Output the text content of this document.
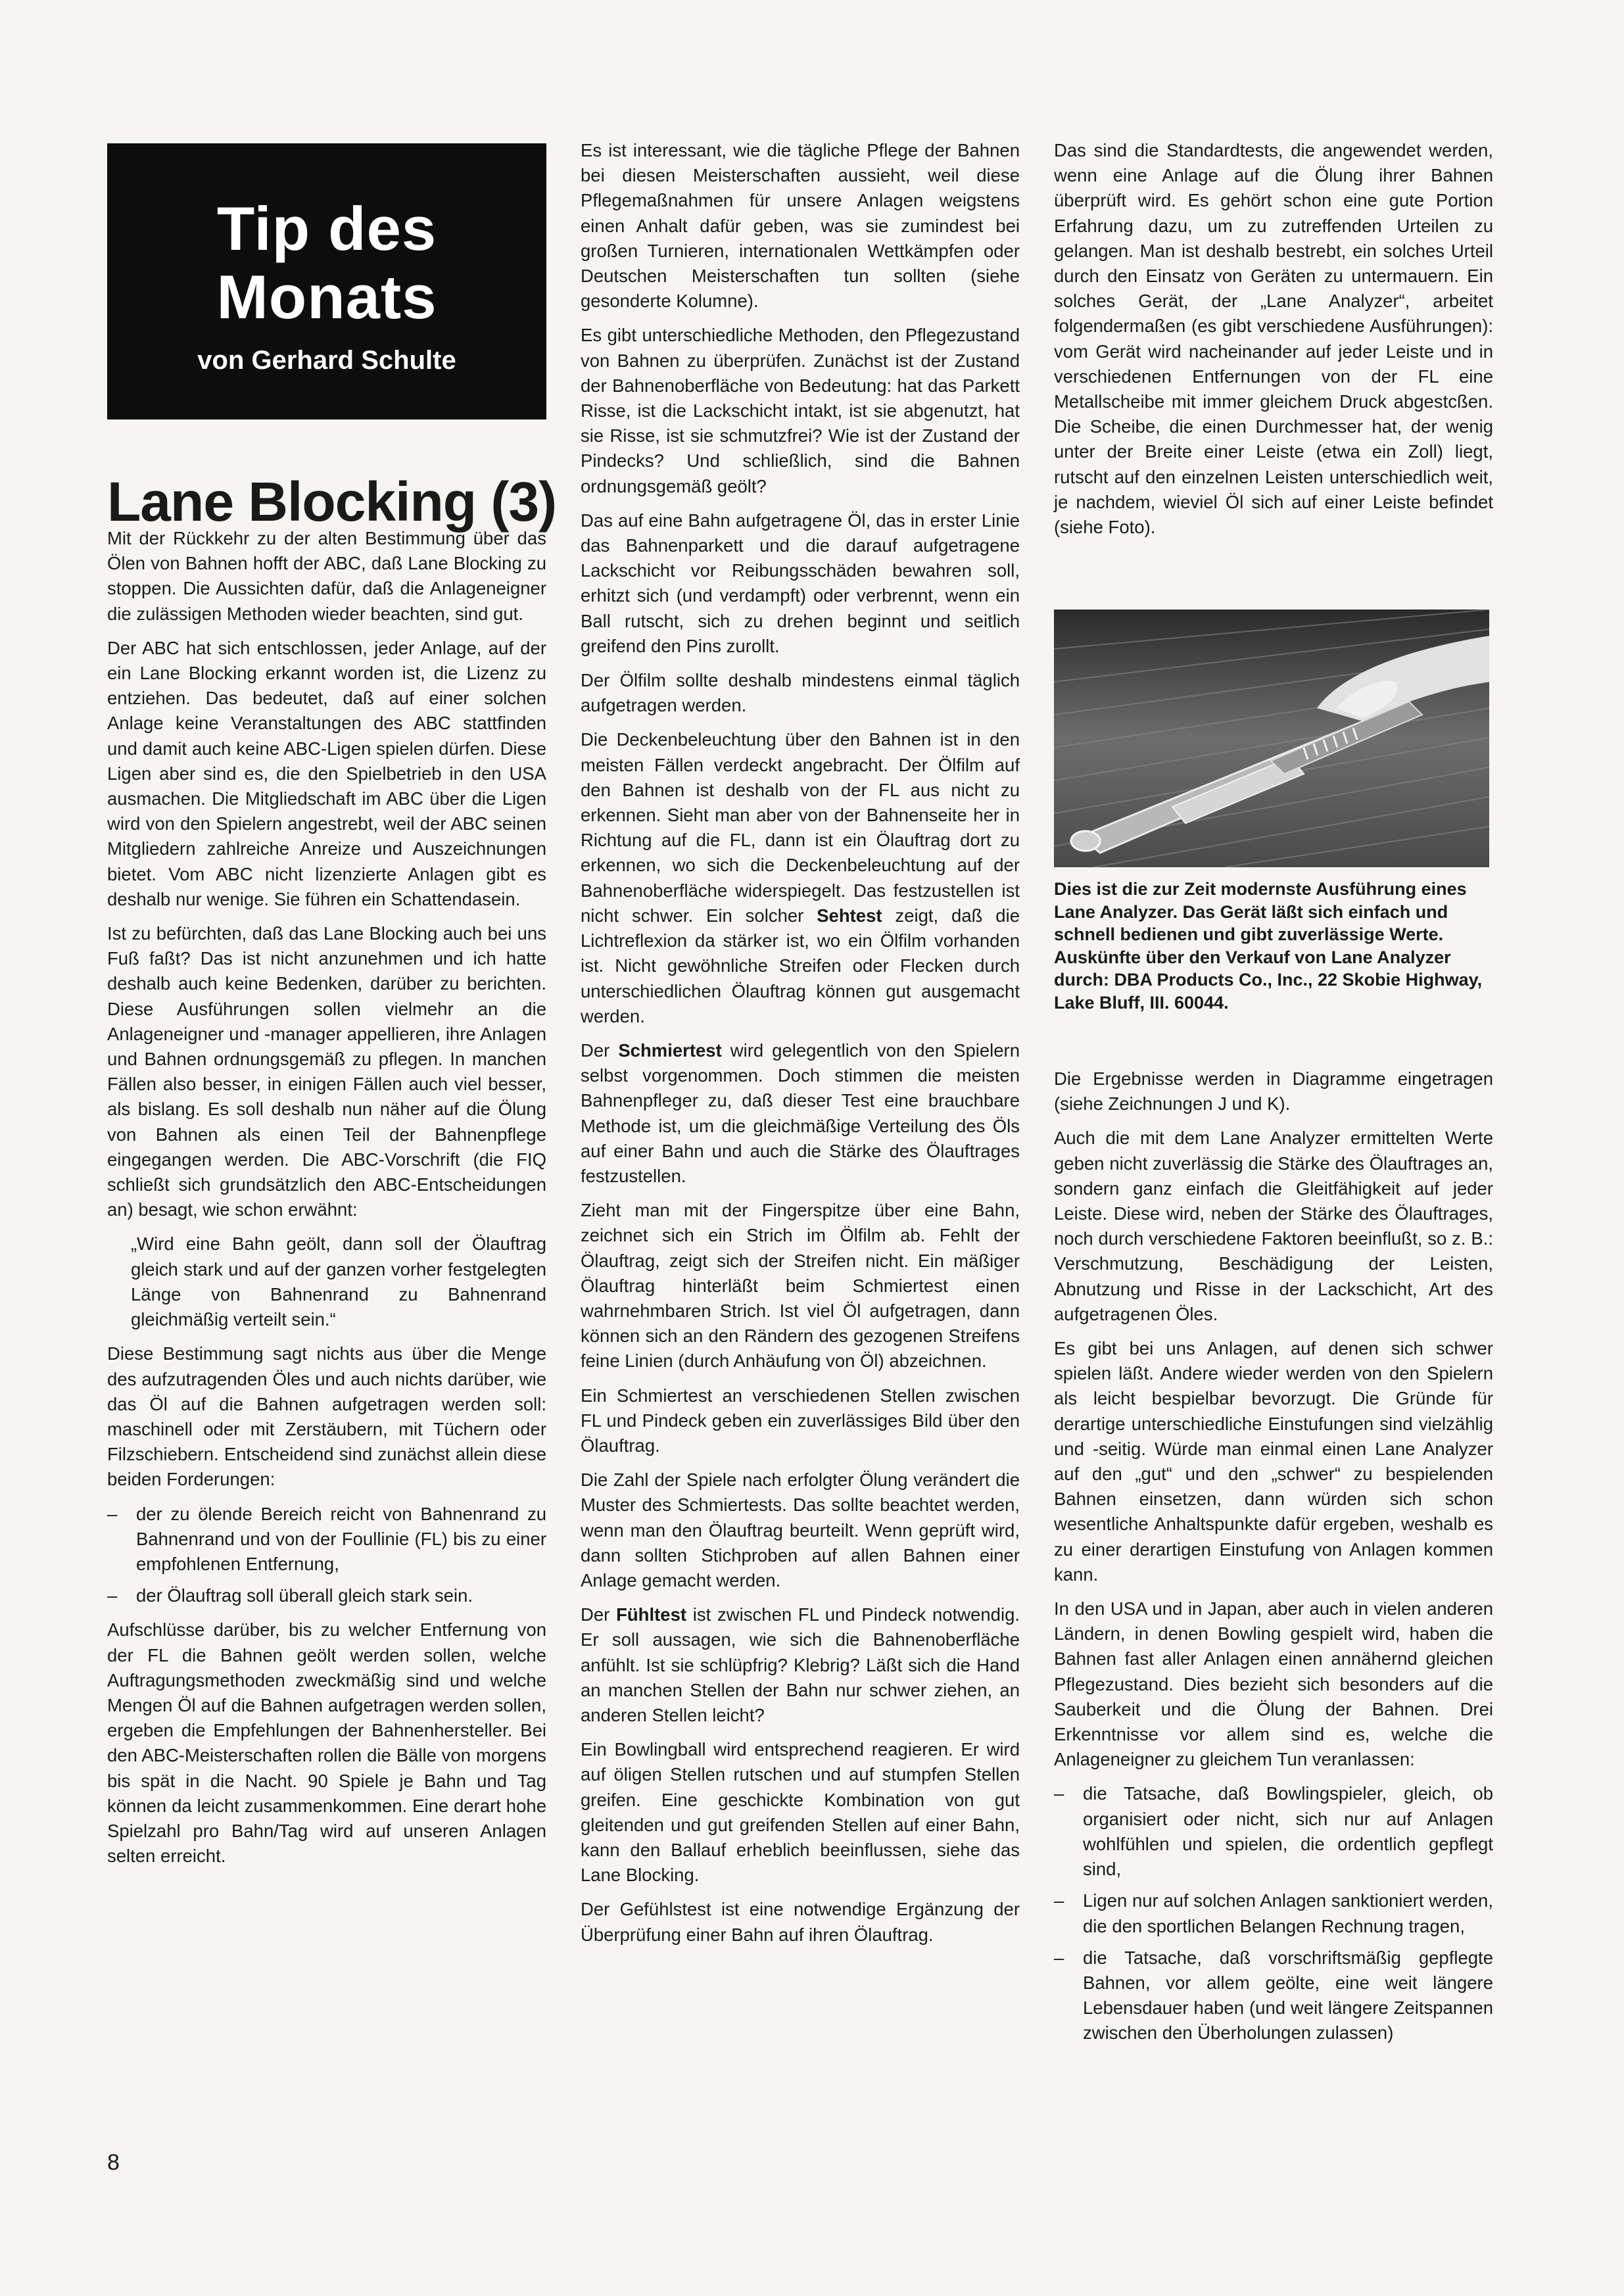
Tip des
Monats
von Gerhard Schulte
Lane Blocking (3)

Mit der Rückkehr zu der alten Bestimmung über das Ölen von Bahnen hofft der ABC, daß Lane Blocking zu stoppen. Die Aussichten dafür, daß die Anlageneigner die zulässigen Methoden wieder beachten, sind gut.

Der ABC hat sich entschlossen, jeder Anlage, auf der ein Lane Blocking erkannt worden ist, die Lizenz zu entziehen. Das bedeutet, daß auf einer solchen Anlage keine Veranstaltungen des ABC stattfinden und damit auch keine ABC-Ligen spielen dürfen. Diese Ligen aber sind es, die den Spielbetrieb in den USA ausmachen. Die Mitgliedschaft im ABC über die Ligen wird von den Spielern angestrebt, weil der ABC seinen Mitgliedern zahlreiche Anreize und Auszeichnungen bietet. Vom ABC nicht lizenzierte Anlagen gibt es deshalb nur wenige. Sie führen ein Schattendasein.

Ist zu befürchten, daß das Lane Blocking auch bei uns Fuß faßt? Das ist nicht anzunehmen und ich hatte deshalb auch keine Bedenken, darüber zu berichten. Diese Ausführungen sollen vielmehr an die Anlageneigner und -manager appellieren, ihre Anlagen und Bahnen ordnungsgemäß zu pflegen. In manchen Fällen also besser, in einigen Fällen auch viel besser, als bislang. Es soll deshalb nun näher auf die Ölung von Bahnen als einen Teil der Bahnenpflege eingegangen werden. Die ABC-Vorschrift (die FIQ schließt sich grundsätzlich den ABC-Entscheidungen an) besagt, wie schon erwähnt:

„Wird eine Bahn geölt, dann soll der Ölauftrag gleich stark und auf der ganzen vorher festgelegten Länge von Bahnenrand zu Bahnenrand gleichmäßig verteilt sein.“

Diese Bestimmung sagt nichts aus über die Menge des aufzutragenden Öles und auch nichts darüber, wie das Öl auf die Bahnen aufgetragen werden soll: maschinell oder mit Zerstäubern, mit Tüchern oder Filzschiebern. Entscheidend sind zunächst allein diese beiden Forderungen:

– der zu ölende Bereich reicht von Bahnenrand zu Bahnenrand und von der Foullinie (FL) bis zu einer empfohlenen Entfernung,
– der Ölauftrag soll überall gleich stark sein.

Aufschlüsse darüber, bis zu welcher Entfernung von der FL die Bahnen geölt werden sollen, welche Auftragungsmethoden zweckmäßig sind und welche Mengen Öl auf die Bahnen aufgetragen werden sollen, ergeben die Empfehlungen der Bahnenhersteller. Bei den ABC-Meisterschaften rollen die Bälle von morgens bis spät in die Nacht. 90 Spiele je Bahn und Tag können da leicht zusammenkommen. Eine derart hohe Spielzahl pro Bahn/Tag wird auf unseren Anlagen selten erreicht.

Es ist interessant, wie die tägliche Pflege der Bahnen bei diesen Meisterschaften aussieht, weil diese Pflegemaßnahmen für unsere Anlagen weigstens einen Anhalt dafür geben, was sie zumindest bei großen Turnieren, internationalen Wettkämpfen oder Deutschen Meisterschaften tun sollten (siehe gesonderte Kolumne).

Es gibt unterschiedliche Methoden, den Pflegezustand von Bahnen zu überprüfen. Zunächst ist der Zustand der Bahnenoberfläche von Bedeutung: hat das Parkett Risse, ist die Lackschicht intakt, ist sie abgenutzt, hat sie Risse, ist sie schmutzfrei? Wie ist der Zustand der Pindecks? Und schließlich, sind die Bahnen ordnungsgemäß geölt?

Das auf eine Bahn aufgetragene Öl, das in erster Linie das Bahnenparkett und die darauf aufgetragene Lackschicht vor Reibungsschäden bewahren soll, erhitzt sich (und verdampft) oder verbrennt, wenn ein Ball rutscht, sich zu drehen beginnt und seitlich greifend den Pins zurollt.

Der Ölfilm sollte deshalb mindestens einmal täglich aufgetragen werden.

Die Deckenbeleuchtung über den Bahnen ist in den meisten Fällen verdeckt angebracht. Der Ölfilm auf den Bahnen ist deshalb von der FL aus nicht zu erkennen. Sieht man aber von der Bahnenseite her in Richtung auf die FL, dann ist ein Ölauftrag dort zu erkennen, wo sich die Deckenbeleuchtung auf der Bahnenoberfläche widerspiegelt. Das festzustellen ist nicht schwer. Ein solcher Sehtest zeigt, daß die Lichtreflexion da stärker ist, wo ein Ölfilm vorhanden ist. Nicht gewöhnliche Streifen oder Flecken durch unterschiedlichen Ölauftrag können gut ausgemacht werden.

Der Schmiertest wird gelegentlich von den Spielern selbst vorgenommen. Doch stimmen die meisten Bahnenpfleger zu, daß dieser Test eine brauchbare Methode ist, um die gleichmäßige Verteilung des Öls auf einer Bahn und auch die Stärke des Ölauftrages festzustellen.

Zieht man mit der Fingerspitze über eine Bahn, zeichnet sich ein Strich im Ölfilm ab. Fehlt der Ölauftrag, zeigt sich der Streifen nicht. Ein mäßiger Ölauftrag hinterläßt beim Schmiertest einen wahrnehmbaren Strich. Ist viel Öl aufgetragen, dann können sich an den Rändern des gezogenen Streifens feine Linien (durch Anhäufung von Öl) abzeichnen.

Ein Schmiertest an verschiedenen Stellen zwischen FL und Pindeck geben ein zuverlässiges Bild über den Ölauftrag.

Die Zahl der Spiele nach erfolgter Ölung verändert die Muster des Schmiertests. Das sollte beachtet werden, wenn man den Ölauftrag beurteilt. Wenn geprüft wird, dann sollten Stichproben auf allen Bahnen einer Anlage gemacht werden.

Der Fühltest ist zwischen FL und Pindeck notwendig. Er soll aussagen, wie sich die Bahnenoberfläche anfühlt. Ist sie schlüpfrig? Klebrig? Läßt sich die Hand an manchen Stellen der Bahn nur schwer ziehen, an anderen Stellen leicht?

Ein Bowlingball wird entsprechend reagieren. Er wird auf öligen Stellen rutschen und auf stumpfen Stellen greifen. Eine geschickte Kombination von gut gleitenden und gut greifenden Stellen auf einer Bahn, kann den Ballauf erheblich beeinflussen, siehe das Lane Blocking.

Der Gefühlstest ist eine notwendige Ergänzung der Überprüfung einer Bahn auf ihren Ölauftrag.

Das sind die Standardtests, die angewendet werden, wenn eine Anlage auf die Ölung ihrer Bahnen überprüft wird. Es gehört schon eine gute Portion Erfahrung dazu, um zu zutreffenden Urteilen zu gelangen. Man ist deshalb bestrebt, ein solches Urteil durch den Einsatz von Geräten zu untermauern. Ein solches Gerät, der „Lane Analyzer“, arbeitet folgendermaßen (es gibt verschiedene Ausführungen): vom Gerät wird nacheinander auf jeder Leiste und in verschiedenen Entfernungen von der FL eine Metallscheibe mit immer gleichem Druck abgestcßen. Die Scheibe, die einen Durchmesser hat, der wenig unter der Breite einer Leiste (etwa ein Zoll) liegt, rutscht auf den einzelnen Leisten unterschiedlich weit, je nachdem, wieviel Öl sich auf einer Leiste befindet (siehe Foto).

Dies ist die zur Zeit modernste Ausführung eines Lane Analyzer. Das Gerät läßt sich einfach und schnell bedienen und gibt zuverlässige Werte.

Auskünfte über den Verkauf von Lane Analyzer durch: DBA Products Co., Inc., 22 Skobie Highway, Lake Bluff, III. 60044.

Die Ergebnisse werden in Diagramme eingetragen (siehe Zeichnungen J und K).

Auch die mit dem Lane Analyzer ermittelten Werte geben nicht zuverlässig die Stärke des Ölauftrages an, sondern ganz einfach die Gleitfähigkeit auf jeder Leiste. Diese wird, neben der Stärke des Ölauftrages, noch durch verschiedene Faktoren beeinflußt, so z. B.: Verschmutzung, Beschädigung der Leisten, Abnutzung und Risse in der Lackschicht, Art des aufgetragenen Öles.

Es gibt bei uns Anlagen, auf denen sich schwer spielen läßt. Andere wieder werden von den Spielern als leicht bespielbar bevorzugt. Die Gründe für derartige unterschiedliche Einstufungen sind vielzählig und -seitig. Würde man einmal einen Lane Analyzer auf den „gut“ und den „schwer“ zu bespielenden Bahnen einsetzen, dann würden sich schon wesentliche Anhaltspunkte dafür ergeben, weshalb es zu einer derartigen Einstufung von Anlagen kommen kann.

In den USA und in Japan, aber auch in vielen anderen Ländern, in denen Bowling gespielt wird, haben die Bahnen fast aller Anlagen einen annähernd gleichen Pflegezustand. Dies bezieht sich besonders auf die Sauberkeit und die Ölung der Bahnen. Drei Erkenntnisse vor allem sind es, welche die Anlageneigner zu gleichem Tun veranlassen:

– die Tatsache, daß Bowlingspieler, gleich, ob organisiert oder nicht, sich nur auf Anlagen wohlfühlen und spielen, die ordentlich gepflegt sind,
– Ligen nur auf solchen Anlagen sanktioniert werden, die den sportlichen Belangen Rechnung tragen,
– die Tatsache, daß vorschriftsmäßig gepflegte Bahnen, vor allem geölte, eine weit längere Lebensdauer haben (und weit längere Zeitspannen zwischen den Überholungen zulassen)
8
